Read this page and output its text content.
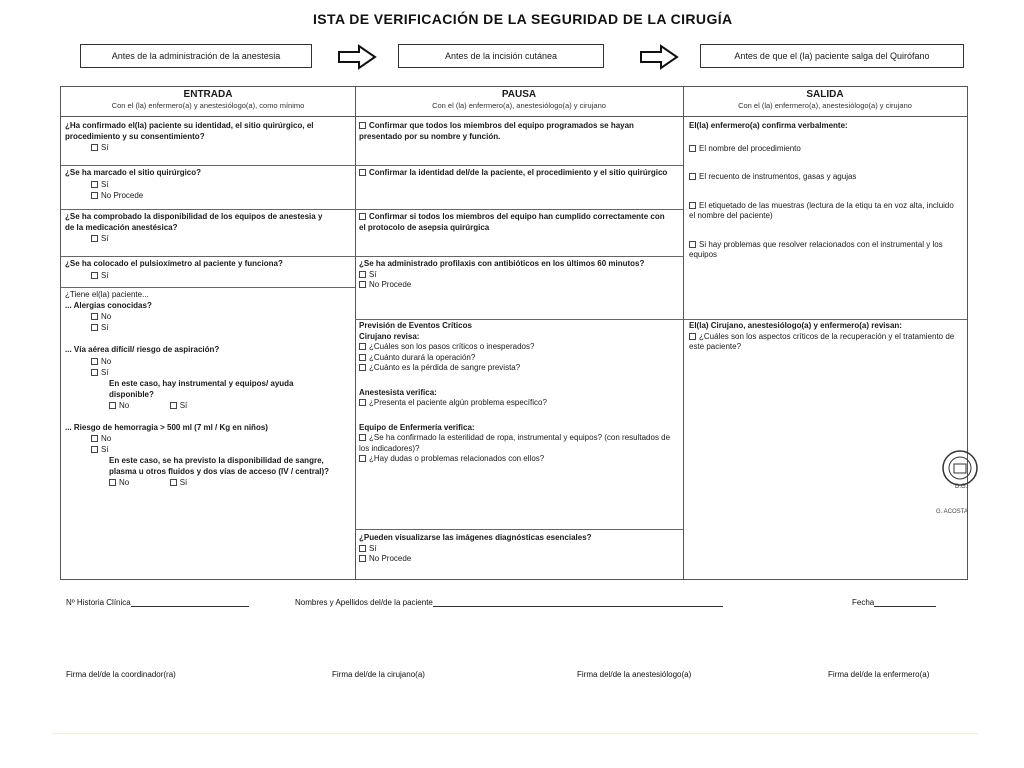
ISTA DE VERIFICACIÓN DE LA SEGURIDAD DE LA CIRUGÍA
Antes de la administración de la anestesia	Antes de la incisión cutánea	Antes de que el (la) paciente salga del Quirófano
ENTRADA
Con el (la) enfermero(a) y anestesiólogo(a), como mínimo
PAUSA
Con el (la) enfermero(a), anestesiólogo(a) y cirujano
SALIDA
Con el (la) enfermero(a), anestesiólogo(a) y cirujano
¿Ha confirmado el(la) paciente su identidad, el sitio quirúrgico, el procedimiento y su consentimiento?
Sí
¿Se ha marcado el sitio quirúrgico?
Sí
No Procede
¿Se ha comprobado la disponibilidad de los equipos de anestesia y de la medicación anestésica?
Sí
¿Se ha colocado el pulsioxímetro al paciente y funciona?
Sí
¿Tiene el(la) paciente...
... Alergias conocidas?
No
Sí
... Vía aérea difícil/ riesgo de aspiración?
No
Sí
En este caso, hay instrumental y equipos/ ayuda disponible?
No	Sí
... Riesgo de hemorragia > 500 ml (7 ml / Kg en niños)
No
Sí
En este caso, se ha previsto la disponibilidad de sangre, plasma u otros fluidos y dos vías de acceso (IV / central)?
No	Sí
Confirmar que todos los miembros del equipo programados se hayan presentado por su nombre y función.
Confirmar la identidad del/de la paciente, el procedimiento y el sitio quirúrgico
Confirmar si todos los miembros del equipo han cumplido correctamente con el protocolo de asepsia quirúrgica
¿Se ha administrado profilaxis con antibióticos en los últimos 60 minutos?
Sí
No Procede
Previsión de Eventos Críticos
Cirujano revisa:
¿Cuáles son los pasos críticos o inesperados?
¿Cuánto durará la operación?
¿Cuánto es la pérdida de sangre prevista?
Anestesista verifica:
¿Presenta el paciente algún problema específico?
Equipo de Enfermería verifica:
¿Se ha confirmado la esterilidad de ropa, instrumental y equipos? (con resultados de los indicadores)?
¿Hay dudas o problemas relacionados con ellos?
¿Pueden visualizarse las imágenes diagnósticas esenciales?
Sí
No Procede
El(la) enfermero(a) confirma verbalmente:
El nombre del procedimiento
El recuento de instrumentos, gasas y agujas
El etiquetado de las muestras (lectura de la etiqu ta en voz alta, incluido el nombre del paciente)
Si hay problemas que resolver relacionados con el instrumental y los equipos
El(la) Cirujano, anestesiólogo(a) y enfermero(a) revisan:
¿Cuáles son los aspectos críticos de la recuperación y el tratamiento de este paciente?
Nº Historia Clínica	Nombres y Apellidos del/de la paciente	Fecha
Firma del/de la coordinador(ra)	Firma del/de la cirujano(a)	Firma del/de la anestesiólogo(a)	Firma del/de la enfermero(a)
D.G.
G. ACOSTA
